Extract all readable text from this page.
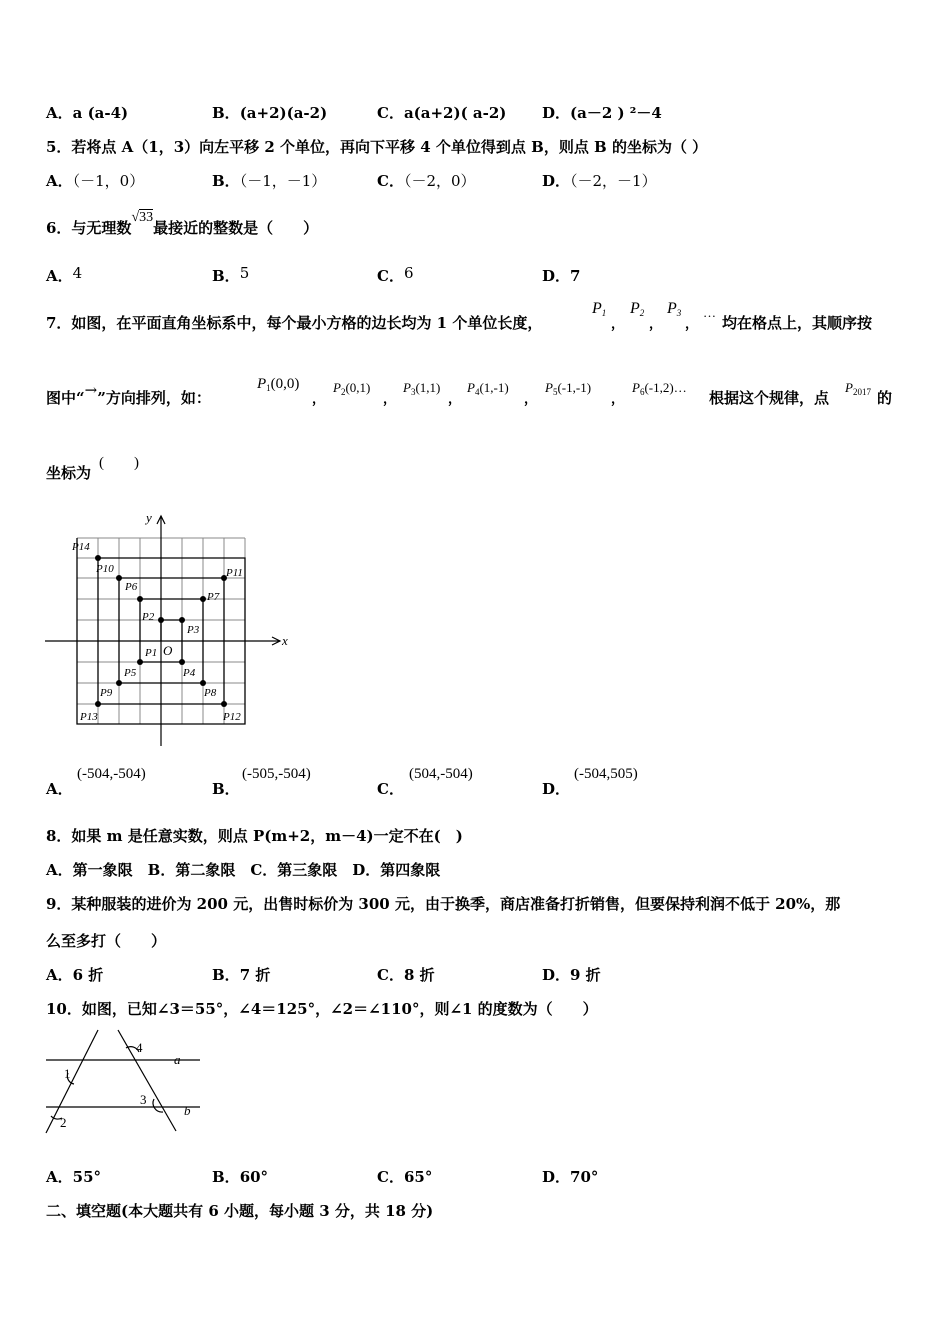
A．a (a-4)	B．(a+2)(a-2)	C．a(a+2)( a-2) D．(a－2 ) ²－4
5．若将点 A（1，3）向左平移 2 个单位，再向下平移 4 个单位得到点 B，则点 B 的坐标为（ ）
A．（－1，0）	B．（－1，－1）	C．（－2，0）	D．（－2，－1）
6．与无理数√33最接近的整数是（　　）
A．4	B．5	C．6	D．7
7．如图，在平面直角坐标系中，每个最小方格的边长均为 1 个单位长度，
$P_1$
，
$P_2$
，
$P_3$
，
…
均在格点上，其顺序按
图中“→”方向排列，如：
$P_1(0,0)$
，
$P_2(0,1)$
，
$P_3(1,1)$
，
$P_4(1,-1)$
，
$P_5(-1,-1)$
，
$P_6(-1,2)\dots$
根据这个规律，点
$P_{2017}$ 的
坐标为
(　　)
x
y
O
P14
P10
P6
P2
P1
P3
P7
P11
P4
P5
P9	P8
P13	P12
A．
(-504,-504)
B．
(-505,-504)
C．
(504,-504)
D．
(-504,505)
8．如果 m 是任意实数，则点 P(m+2，m－4)一定不在(　)
A．第一象限　B．第二象限　C．第三象限　D．第四象限
9．某种服装的进价为 200 元，出售时标价为 300 元，由于换季，商店准备打折销售，但要保持利润不低于 20%，那
么至多打（　　）
A．6 折	B．7 折	C．8 折	D．9 折
10．如图，已知∠3＝55°，∠4＝125°，∠2＝∠110°，则∠1 的度数为（　　）
a
b
1
2
3
4
A．55°	B．60°	C．65°	D．70°
二、填空题(本大题共有 6 小题，每小题 3 分，共 18 分)
